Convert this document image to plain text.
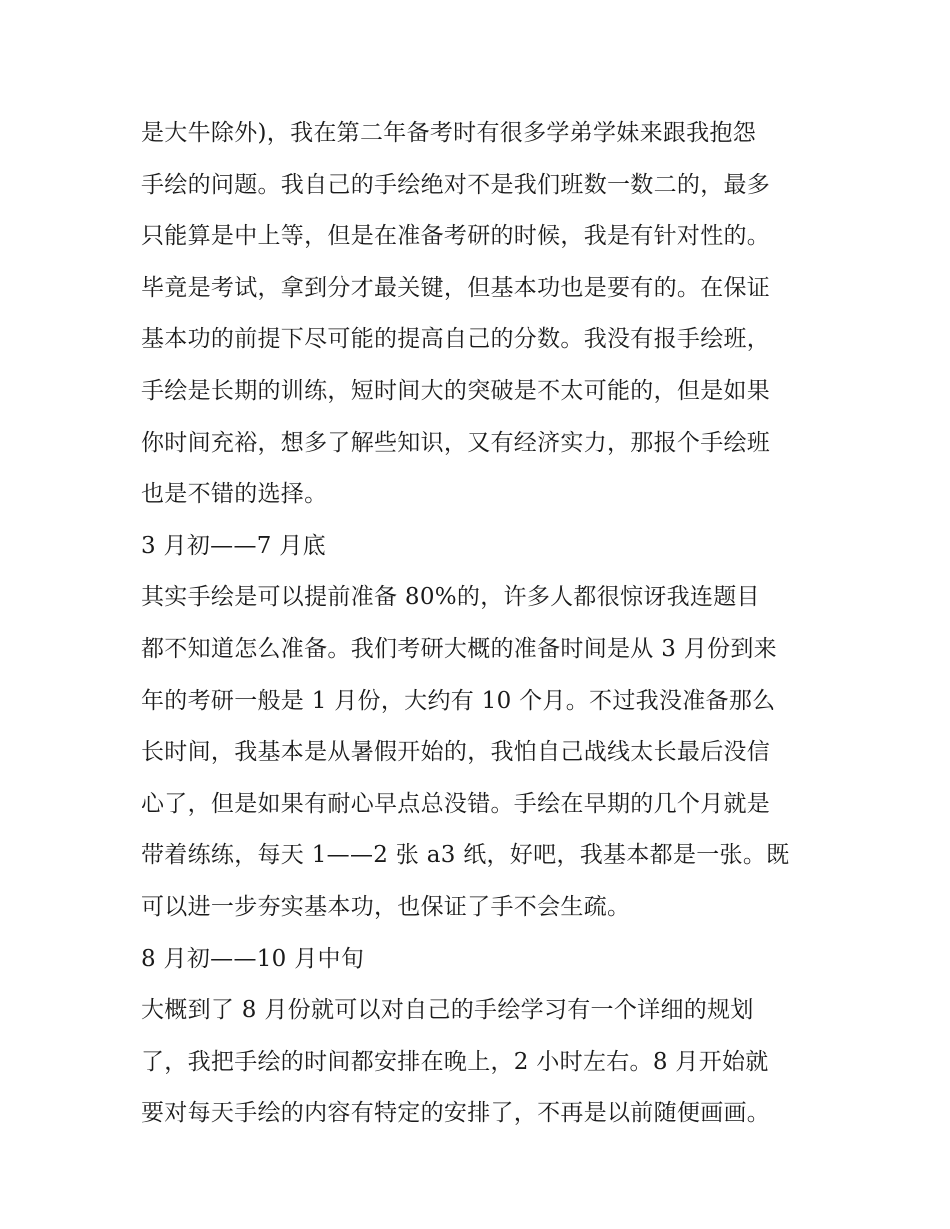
是大牛除外)，我在第二年备考时有很多学弟学妹来跟我抱怨
手绘的问题。我自己的手绘绝对不是我们班数一数二的，最多
只能算是中上等，但是在准备考研的时候，我是有针对性的。
毕竟是考试，拿到分才最关键，但基本功也是要有的。在保证
基本功的前提下尽可能的提高自己的分数。我没有报手绘班，
手绘是长期的训练，短时间大的突破是不太可能的，但是如果
你时间充裕，想多了解些知识，又有经济实力，那报个手绘班
也是不错的选择。
3 月初——7 月底
其实手绘是可以提前准备 80%的，许多人都很惊讶我连题目
都不知道怎么准备。我们考研大概的准备时间是从 3 月份到来
年的考研一般是 1 月份，大约有 10 个月。不过我没准备那么
长时间，我基本是从暑假开始的，我怕自己战线太长最后没信
心了，但是如果有耐心早点总没错。手绘在早期的几个月就是
带着练练，每天 1——2 张 a3 纸，好吧，我基本都是一张。既
可以进一步夯实基本功，也保证了手不会生疏。
8 月初——10 月中旬
大概到了 8 月份就可以对自己的手绘学习有一个详细的规划
了，我把手绘的时间都安排在晚上，2 小时左右。8 月开始就
要对每天手绘的内容有特定的安排了，不再是以前随便画画。
